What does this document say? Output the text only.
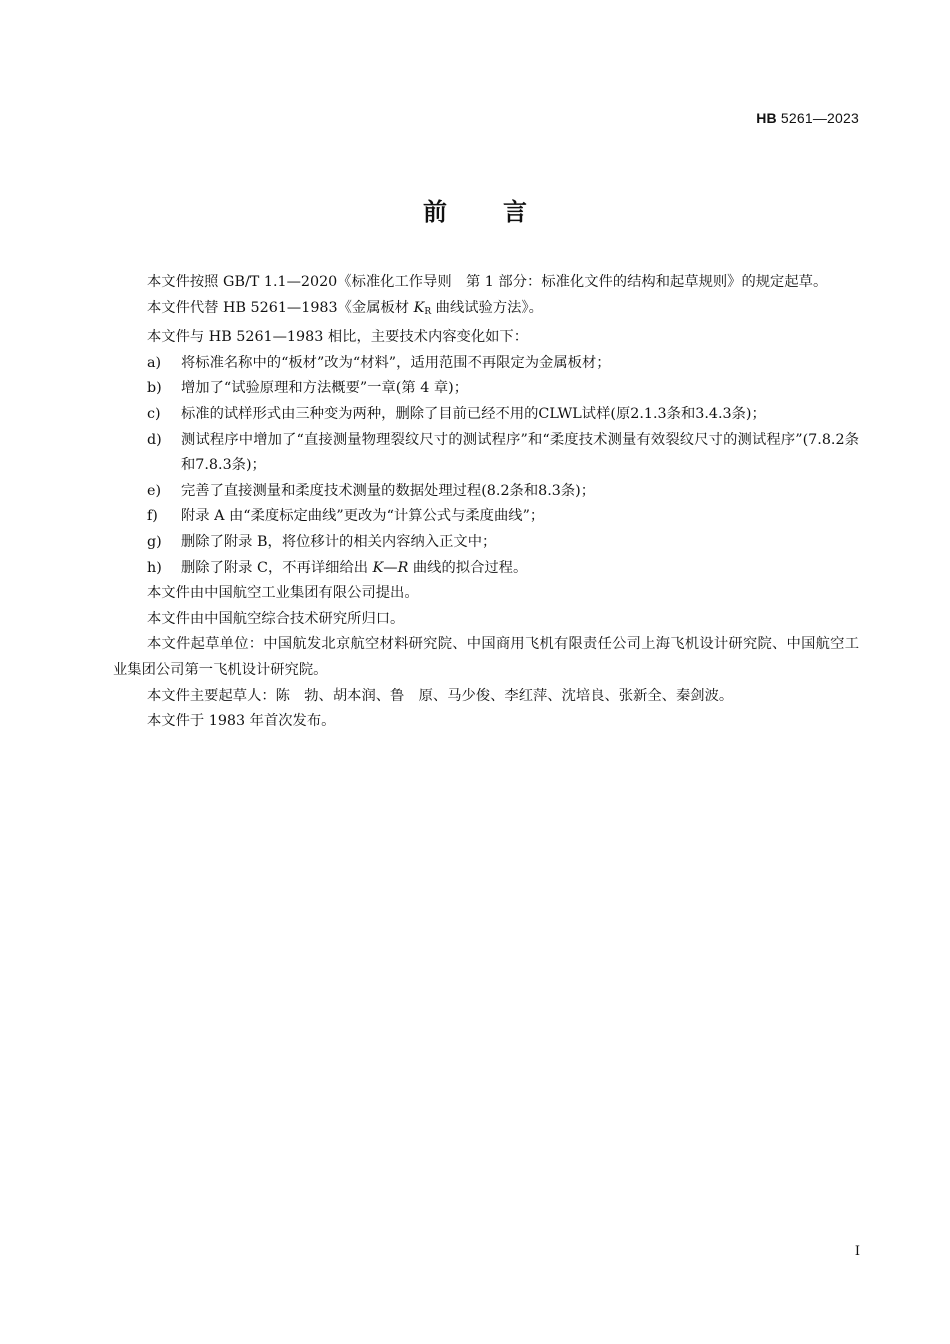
HB 5261—2023
前言

本文件按照 GB/T 1.1—2020《标准化工作导则　第 1 部分：标准化文件的结构和起草规则》的规定起草。

本文件代替 HB 5261—1983《金属板材 $K_R$ 曲线试验方法》。

本文件与 HB 5261—1983 相比，主要技术内容变化如下：

a) 将标准名称中的“板材”改为“材料”，适用范围不再限定为金属板材；

b) 增加了“试验原理和方法概要”一章(第 4 章)；

c) 标准的试样形式由三种变为两种，删除了目前已经不用的CLWL试样(原2.1.3条和3.4.3条)；

d) 测试程序中增加了“直接测量物理裂纹尺寸的测试程序”和“柔度技术测量有效裂纹尺寸的测试程序”(7.8.2条和7.8.3条)；

e) 完善了直接测量和柔度技术测量的数据处理过程(8.2条和8.3条)；

f) 附录 A 由“柔度标定曲线”更改为“计算公式与柔度曲线”；

g) 删除了附录 B，将位移计的相关内容纳入正文中；

h) 删除了附录 C，不再详细给出 K—R 曲线的拟合过程。

本文件由中国航空工业集团有限公司提出。

本文件由中国航空综合技术研究所归口。

本文件起草单位：中国航发北京航空材料研究院、中国商用飞机有限责任公司上海飞机设计研究院、中国航空工业集团公司第一飞机设计研究院。

本文件主要起草人：陈　勃、胡本润、鲁　原、马少俊、李红萍、沈培良、张新全、秦剑波。

本文件于 1983 年首次发布。

I
